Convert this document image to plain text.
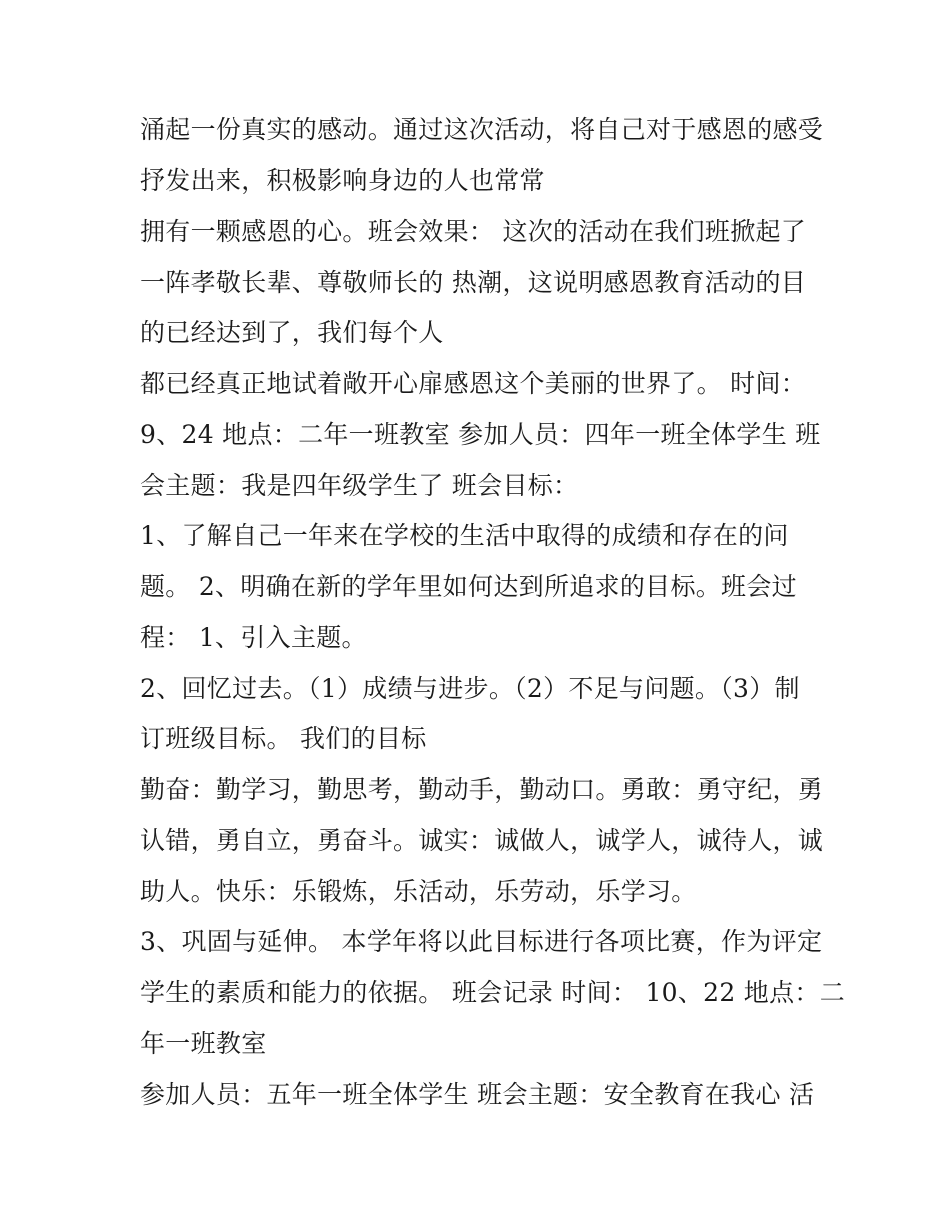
涌起一份真实的感动。通过这次活动，将自己对于感恩的感受
抒发出来，积极影响身边的人也常常
拥有一颗感恩的心。班会效果： 这次的活动在我们班掀起了
一阵孝敬长辈、尊敬师长的 热潮，这说明感恩教育活动的目
的已经达到了，我们每个人
都已经真正地试着敞开心扉感恩这个美丽的世界了。 时间：
9、24 地点：二年一班教室 参加人员：四年一班全体学生 班
会主题：我是四年级学生了 班会目标：
1、了解自己一年来在学校的生活中取得的成绩和存在的问
题。 2、明确在新的学年里如何达到所追求的目标。班会过
程： 1、引入主题。
2、回忆过去。（1）成绩与进步。（2）不足与问题。（3）制
订班级目标。 我们的目标
勤奋：勤学习，勤思考，勤动手，勤动口。勇敢：勇守纪，勇
认错，勇自立，勇奋斗。诚实：诚做人，诚学人，诚待人，诚
助人。快乐：乐锻炼，乐活动，乐劳动，乐学习。
3、巩固与延伸。 本学年将以此目标进行各项比赛，作为评定
学生的素质和能力的依据。 班会记录 时间： 10、22 地点：二
年一班教室
参加人员：五年一班全体学生 班会主题：安全教育在我心 活
